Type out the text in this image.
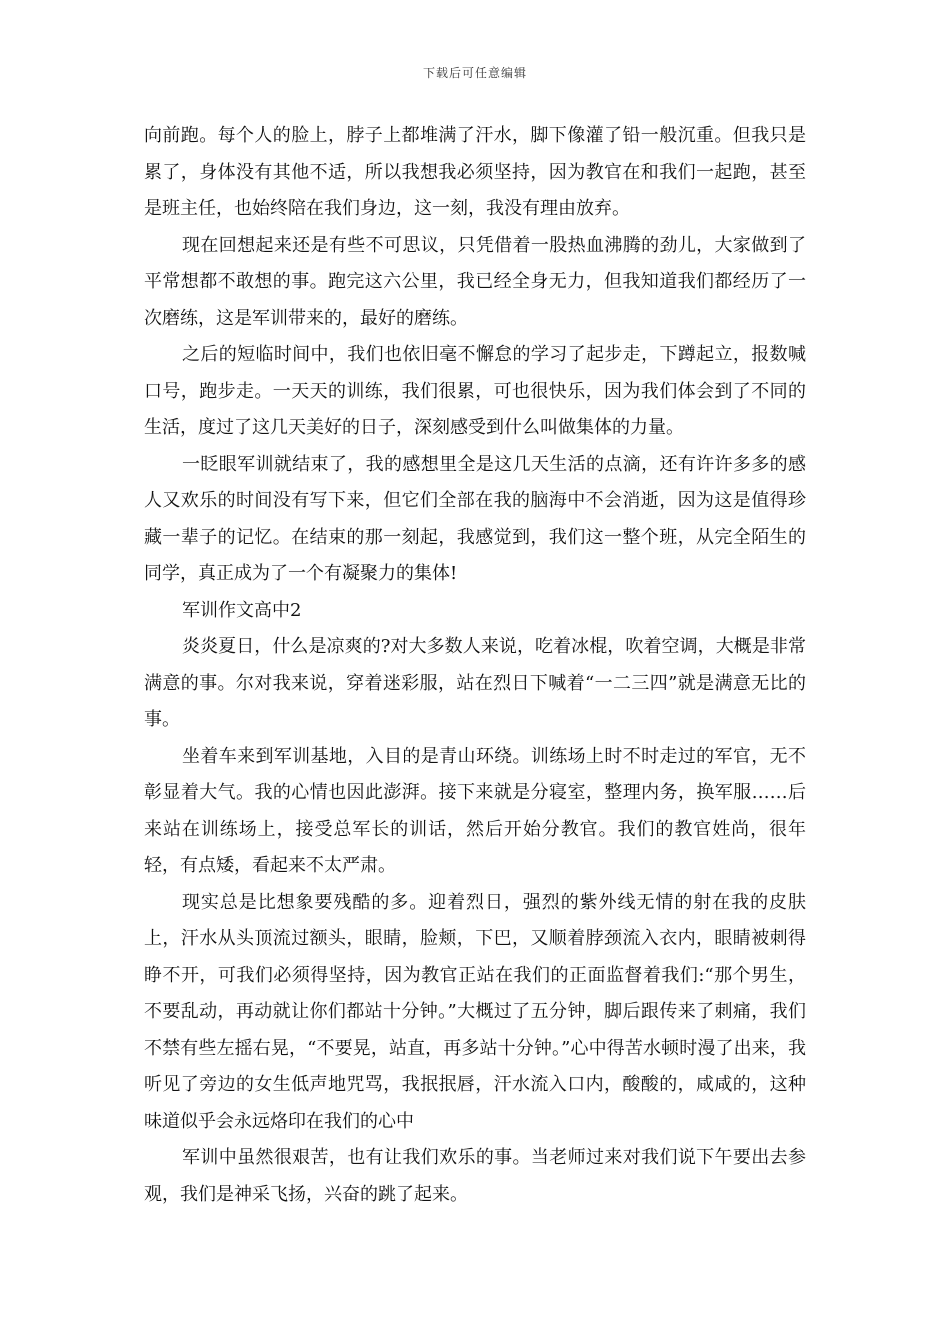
下载后可任意编辑

向前跑。每个人的脸上，脖子上都堆满了汗水，脚下像灌了铅一般沉重。但我只是累了，身体没有其他不适，所以我想我必须坚持，因为教官在和我们一起跑，甚至是班主任，也始终陪在我们身边，这一刻，我没有理由放弃。

现在回想起来还是有些不可思议，只凭借着一股热血沸腾的劲儿，大家做到了平常想都不敢想的事。跑完这六公里，我已经全身无力，但我知道我们都经历了一次磨练，这是军训带来的，最好的磨练。

之后的短临时间中，我们也依旧毫不懈怠的学习了起步走，下蹲起立，报数喊口号，跑步走。一天天的训练，我们很累，可也很快乐，因为我们体会到了不同的生活，度过了这几天美好的日子，深刻感受到什么叫做集体的力量。

一眨眼军训就结束了，我的感想里全是这几天生活的点滴，还有许许多多的感人又欢乐的时间没有写下来，但它们全部在我的脑海中不会消逝，因为这是值得珍藏一辈子的记忆。在结束的那一刻起，我感觉到，我们这一整个班，从完全陌生的同学，真正成为了一个有凝聚力的集体!

军训作文高中2

炎炎夏日，什么是凉爽的?对大多数人来说，吃着冰棍，吹着空调，大概是非常满意的事。尔对我来说，穿着迷彩服，站在烈日下喊着“一二三四”就是满意无比的事。

坐着车来到军训基地，入目的是青山环绕。训练场上时不时走过的军官，无不彰显着大气。我的心情也因此澎湃。接下来就是分寝室，整理内务，换军服……后来站在训练场上，接受总军长的训话，然后开始分教官。我们的教官姓尚，很年轻，有点矮，看起来不太严肃。

现实总是比想象要残酷的多。迎着烈日，强烈的紫外线无情的射在我的皮肤上，汗水从头顶流过额头，眼睛，脸颊，下巴，又顺着脖颈流入衣内，眼睛被刺得睁不开，可我们必须得坚持，因为教官正站在我们的正面监督着我们:“那个男生，不要乱动，再动就让你们都站十分钟。”大概过了五分钟，脚后跟传来了刺痛，我们不禁有些左摇右晃，“不要晃，站直，再多站十分钟。”心中得苦水顿时漫了出来，我听见了旁边的女生低声地咒骂，我抿抿唇，汗水流入口内，酸酸的，咸咸的，这种味道似乎会永远烙印在我们的心中

军训中虽然很艰苦，也有让我们欢乐的事。当老师过来对我们说下午要出去参观，我们是神采飞扬，兴奋的跳了起来。
